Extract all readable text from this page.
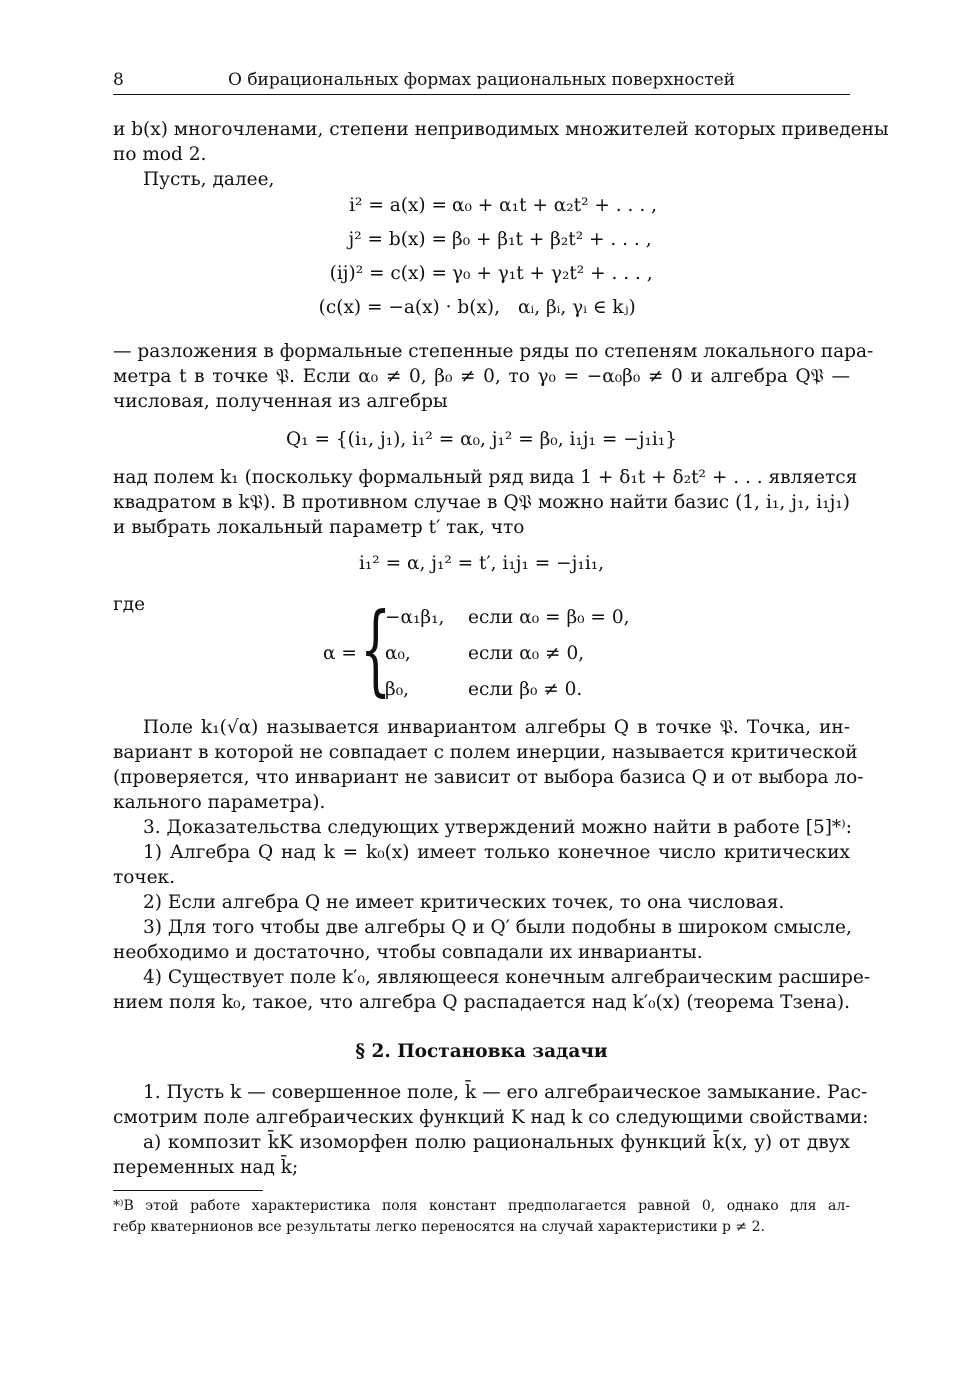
8	О бирациональных формах рациональных поверхностей
и b(x) многочленами, степени неприводимых множителей которых приведены
по mod 2.
Пусть, далее,
i² = a(x) = α₀ + α₁t + α₂t² + . . . ,
j² = b(x) = β₀ + β₁t + β₂t² + . . . ,
(ij)² = c(x) = γ₀ + γ₁t + γ₂t² + . . . ,
(c(x) = −a(x) · b(x), αᵢ, βᵢ, γᵢ ∈ kⱼ)
— разложения в формальные степенные ряды по степеням локального пара-
метра t в точке 𝔓. Если α₀ ≠ 0, β₀ ≠ 0, то γ₀ = −α₀β₀ ≠ 0 и алгебра Q𝔓 —
числовая, полученная из алгебры
Q₁ = {(i₁, j₁), i₁² = α₀, j₁² = β₀, i₁j₁ = −j₁i₁}
над полем k₁ (поскольку формальный ряд вида 1 + δ₁t + δ₂t² + . . . является
квадратом в k𝔓). В противном случае в Q𝔓 можно найти базис (1, i₁, j₁, i₁j₁)
и выбрать локальный параметр t′ так, что
i₁² = α, j₁² = t′, i₁j₁ = −j₁i₁,
где
α = {
−α₁β₁, если α₀ = β₀ = 0,
α₀,	если α₀ ≠ 0,
β₀,	если β₀ ≠ 0.
Поле k₁(√α) называется инвариантом алгебры Q в точке 𝔓. Точка, ин-
вариант в которой не совпадает с полем инерции, называется критической
(проверяется, что инвариант не зависит от выбора базиса Q и от выбора ло-
кального параметра).
3. Доказательства следующих утверждений можно найти в работе [5]*⁾:
1) Алгебра Q над k = k₀(x) имеет только конечное число критических
точек.
2) Если алгебра Q не имеет критических точек, то она числовая.
3) Для того чтобы две алгебры Q и Q′ были подобны в широком смысле,
необходимо и достаточно, чтобы совпадали их инварианты.
4) Существует поле k′₀, являющееся конечным алгебраическим расшире-
нием поля k₀, такое, что алгебра Q распадается над k′₀(x) (теорема Тзена).
§ 2. Постановка задачи
1. Пусть k — совершенное поле, k̄ — его алгебраическое замыкание. Рас-
смотрим поле алгебраических функций K над k со следующими свойствами:
а) композит k̄K изоморфен полю рациональных функций k̄(x, y) от двух
переменных над k̄;
*⁾В этой работе характеристика поля констант предполагается равной 0, однако для ал-
гебр кватернионов все результаты легко переносятся на случай характеристики p ≠ 2.
